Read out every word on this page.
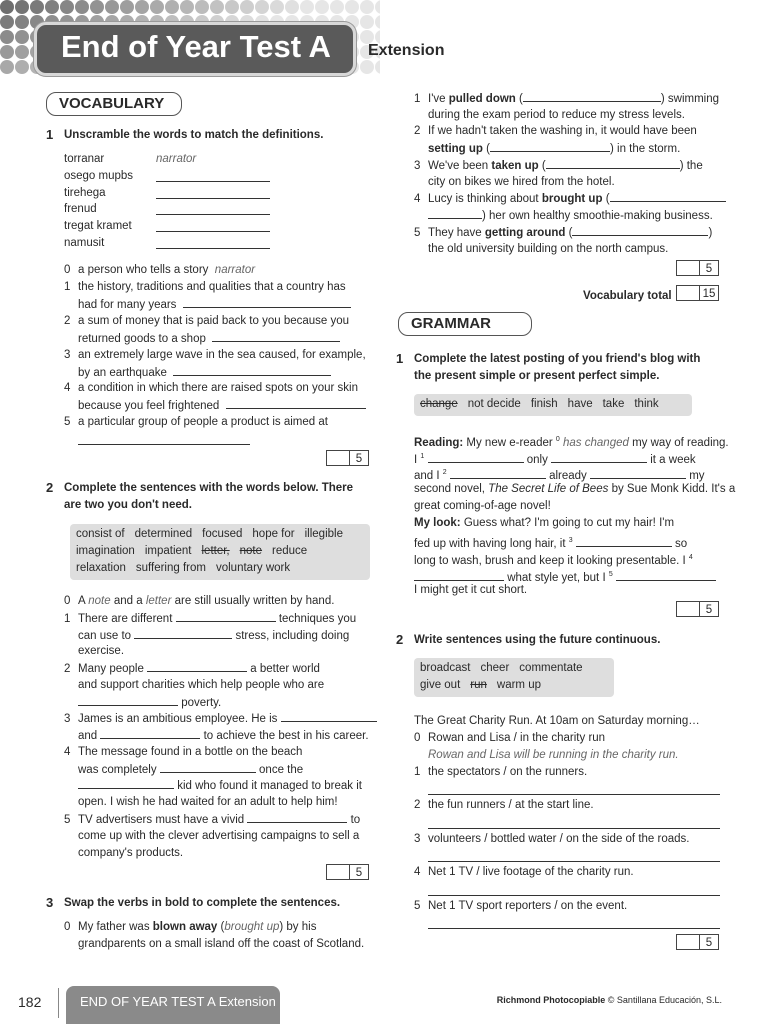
End of Year Test A Extension
VOCABULARY
1 Unscramble the words to match the definitions.
torranar	narrator
osego mupbs
tirehega
frenud
tregat kramet
namusit
0 a person who tells a story narrator
1 the history, traditions and qualities that a country has
had for many years
2 a sum of money that is paid back to you because you
returned goods to a shop
3 an extremely large wave in the sea caused, for example,
by an earthquake
4 a condition in which there are raised spots on your skin
because you feel frightened
5 a particular group of people a product is aimed at
5
2 Complete the sentences with the words below. There
are two you don't need.
consist of determined focused hope for illegible
imagination impatient letter, note reduce
relaxation suffering from voluntary work
0 A note and a letter are still usually written by hand.
1 There are different	techniques you
can use to	stress, including doing
exercise.
2 Many people	a better world
and support charities which help people who are
poverty.
3 James is an ambitious employee. He is
and	to achieve the best in his career.
4 The message found in a bottle on the beach
was completely	once the
kid who found it managed to break it
open. I wish he had waited for an adult to help him!
5 TV advertisers must have a vivid	to
come up with the clever advertising campaigns to sell a
company's products.
5
3 Swap the verbs in bold to complete the sentences.
0 My father was blown away (brought up) by his
grandparents on a small island off the coast of Scotland.
1 I've pulled down (	) swimming
during the exam period to reduce my stress levels.
2 If we hadn't taken the washing in, it would have been
setting up (	) in the storm.
3 We've been taken up (	) the
city on bikes we hired from the hotel.
4 Lucy is thinking about brought up (
) her own healthy smoothie-making business.
5 They have getting around (	)
the old university building on the north campus.
5
Vocabulary total	15
GRAMMAR
1 Complete the latest posting of you friend's blog with
the present simple or present perfect simple.
change not decide finish have take think
Reading: My new e-reader $^0$ has changed my way of reading.
I $^1$	only	it a week
and I $^2$	already	my
second novel, The Secret Life of Bees by Sue Monk Kidd. It's a
great coming-of-age novel!
My look: Guess what? I'm going to cut my hair! I'm
fed up with having long hair, it $^3$	so
long to wash, brush and keep it looking presentable. I $^4$
what style yet, but I $^5$
I might get it cut short.
5
2 Write sentences using the future continuous.
broadcast cheer commentate
give out run warm up
The Great Charity Run. At 10am on Saturday morning…
0 Rowan and Lisa / in the charity run
Rowan and Lisa will be running in the charity run.
1 the spectators / on the runners.
2 the fun runners / at the start line.
3 volunteers / bottled water / on the side of the roads.
4 Net 1 TV / live footage of the charity run.
5 Net 1 TV sport reporters / on the event.
5
182	END OF YEAR TEST A Extension	Richmond Photocopiable © Santillana Educación, S.L.
